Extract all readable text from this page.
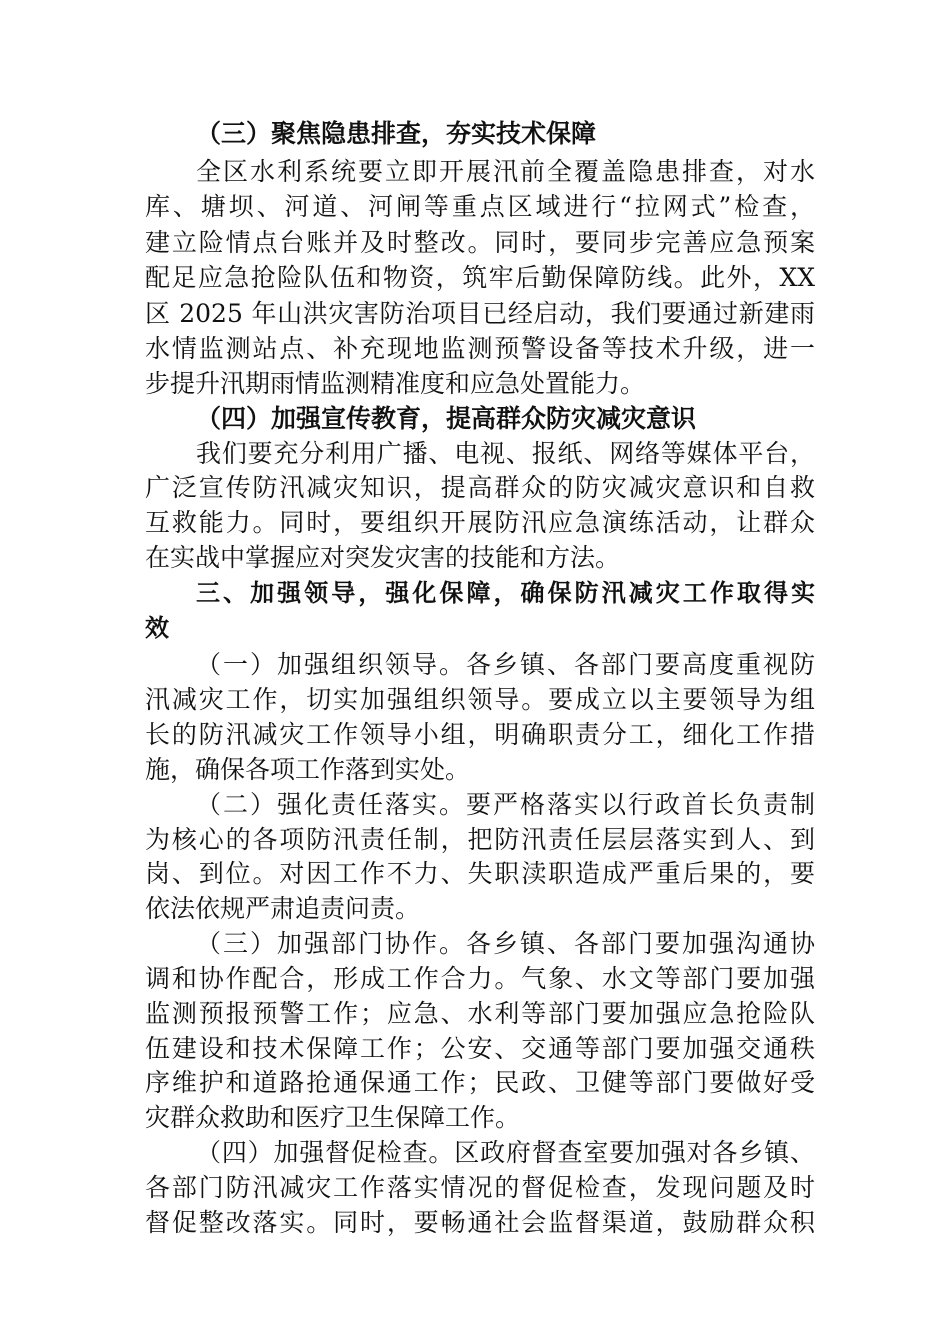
（三）聚焦隐患排查，夯实技术保障
全区水利系统要立即开展汛前全覆盖隐患排查，对水
库、塘坝、河道、河闸等重点区域进行“拉网式”检查，
建立险情点台账并及时整改。同时，要同步完善应急预案
配足应急抢险队伍和物资，筑牢后勤保障防线。此外，XX
区 2025 年山洪灾害防治项目已经启动，我们要通过新建雨
水情监测站点、补充现地监测预警设备等技术升级，进一
步提升汛期雨情监测精准度和应急处置能力。
（四）加强宣传教育，提高群众防灾减灾意识
我们要充分利用广播、电视、报纸、网络等媒体平台，
广泛宣传防汛减灾知识，提高群众的防灾减灾意识和自救
互救能力。同时，要组织开展防汛应急演练活动，让群众
在实战中掌握应对突发灾害的技能和方法。
三、加强领导，强化保障，确保防汛减灾工作取得实
效
（一）加强组织领导。各乡镇、各部门要高度重视防
汛减灾工作，切实加强组织领导。要成立以主要领导为组
长的防汛减灾工作领导小组，明确职责分工，细化工作措
施，确保各项工作落到实处。
（二）强化责任落实。要严格落实以行政首长负责制
为核心的各项防汛责任制，把防汛责任层层落实到人、到
岗、到位。对因工作不力、失职渎职造成严重后果的，要
依法依规严肃追责问责。
（三）加强部门协作。各乡镇、各部门要加强沟通协
调和协作配合，形成工作合力。气象、水文等部门要加强
监测预报预警工作；应急、水利等部门要加强应急抢险队
伍建设和技术保障工作；公安、交通等部门要加强交通秩
序维护和道路抢通保通工作；民政、卫健等部门要做好受
灾群众救助和医疗卫生保障工作。
（四）加强督促检查。区政府督查室要加强对各乡镇、
各部门防汛减灾工作落实情况的督促检查，发现问题及时
督促整改落实。同时，要畅通社会监督渠道，鼓励群众积
